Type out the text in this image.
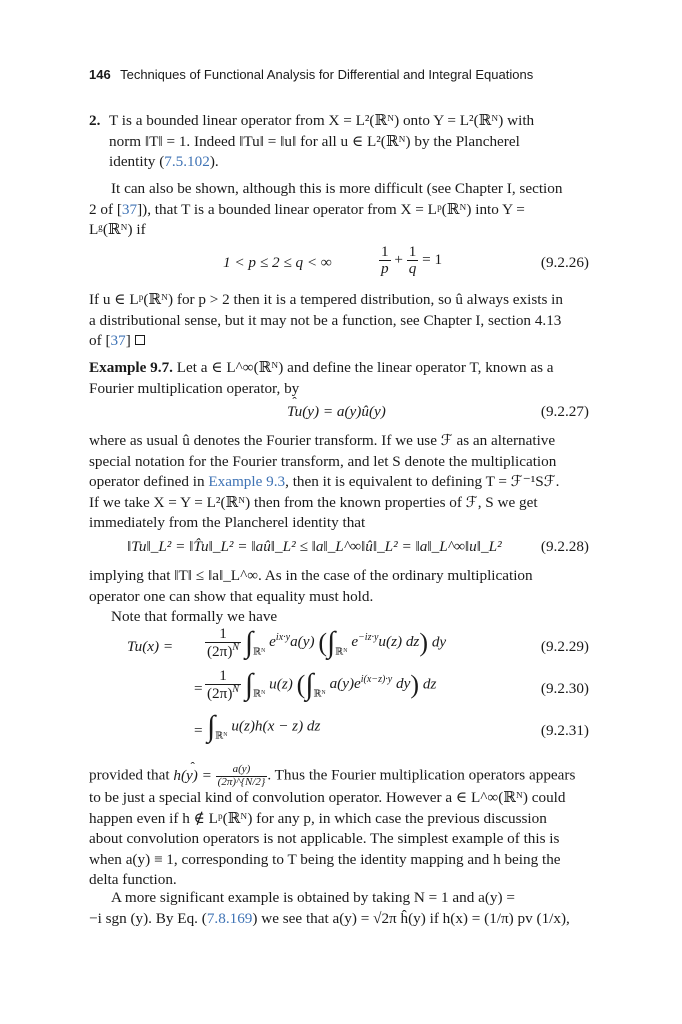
146 Techniques of Functional Analysis for Differential and Integral Equations
2. T is a bounded linear operator from X = L²(ℝᴺ) onto Y = L²(ℝᴺ) with
norm ‖T‖ = 1. Indeed ‖Tu‖ = ‖u‖ for all u ∈ L²(ℝᴺ) by the Plancherel
identity (7.5.102).
It can also be shown, although this is more difficult (see Chapter I, section
2 of [37]), that T is a bounded linear operator from X = Lᵖ(ℝᴺ) into Y =
Lᵍ(ℝᴺ) if
1 < p ≤ 2 ≤ q < ∞	$\frac{1}{p} + \frac{1}{q} = 1$	(9.2.26)
If u ∈ Lᵖ(ℝᴺ) for p > 2 then it is a tempered distribution, so û always exists in
a distributional sense, but it may not be a function, see Chapter I, section 4.13
of [37]
Example 9.7. Let a ∈ L^∞(ℝᴺ) and define the linear operator T, known as a
Fourier multiplication operator, by
ˆ Tu(y) = a(y)û(y)	(9.2.27)
where as usual û denotes the Fourier transform. If we use ℱ as an alternative
special notation for the Fourier transform, and let S denote the multiplication
operator defined in Example 9.3, then it is equivalent to defining T = ℱ⁻¹Sℱ.
If we take X = Y = L²(ℝᴺ) then from the known properties of ℱ, S we get
immediately from the Plancherel identity that
‖Tu‖_L² = ‖T̂u‖_L² = ‖aû‖_L² ≤ ‖a‖_L^∞‖û‖_L² = ‖a‖_L^∞‖u‖_L²	(9.2.28)
implying that ‖T‖ ≤ ‖a‖_L^∞. As in the case of the ordinary multiplication
operator one can show that equality must hold.
Note that formally we have
$Tu(x) = \frac{1}{(2\pi)^N} \int_{ℝᴺ}$ $e^{ix\cdot y}a(y)$ ($\int_{ℝᴺ}$ $e^{-iz\cdot y}u(z)$ dz) dy	(9.2.29)
= $\frac{1}{(2\pi)^N} \int_{ℝᴺ}$ u(z) ($\int_{ℝᴺ}$ $a(y)e^{i(x-z)\cdot y}$ dy) dz	(9.2.30)
= $\int_{ℝᴺ}$ u(z)h(x − z) dz	(9.2.31)
provided that ˆ $h(y) = \frac{a(y)}{(2\pi)\^{}\{N/2\}}$ . Thus the Fourier multiplication operators appears
to be just a special kind of convolution operator. However a ∈ L^∞(ℝᴺ) could
happen even if h ∉ Lᵖ(ℝᴺ) for any p, in which case the previous discussion
about convolution operators is not applicable. The simplest example of this is
when a(y) ≡ 1, corresponding to T being the identity mapping and h being the
delta function.
A more significant example is obtained by taking N = 1 and a(y) =
−i sgn (y). By Eq. (7.8.169) we see that a(y) = √2π ĥ(y) if h(x) = (1/π) pv (1/x),
